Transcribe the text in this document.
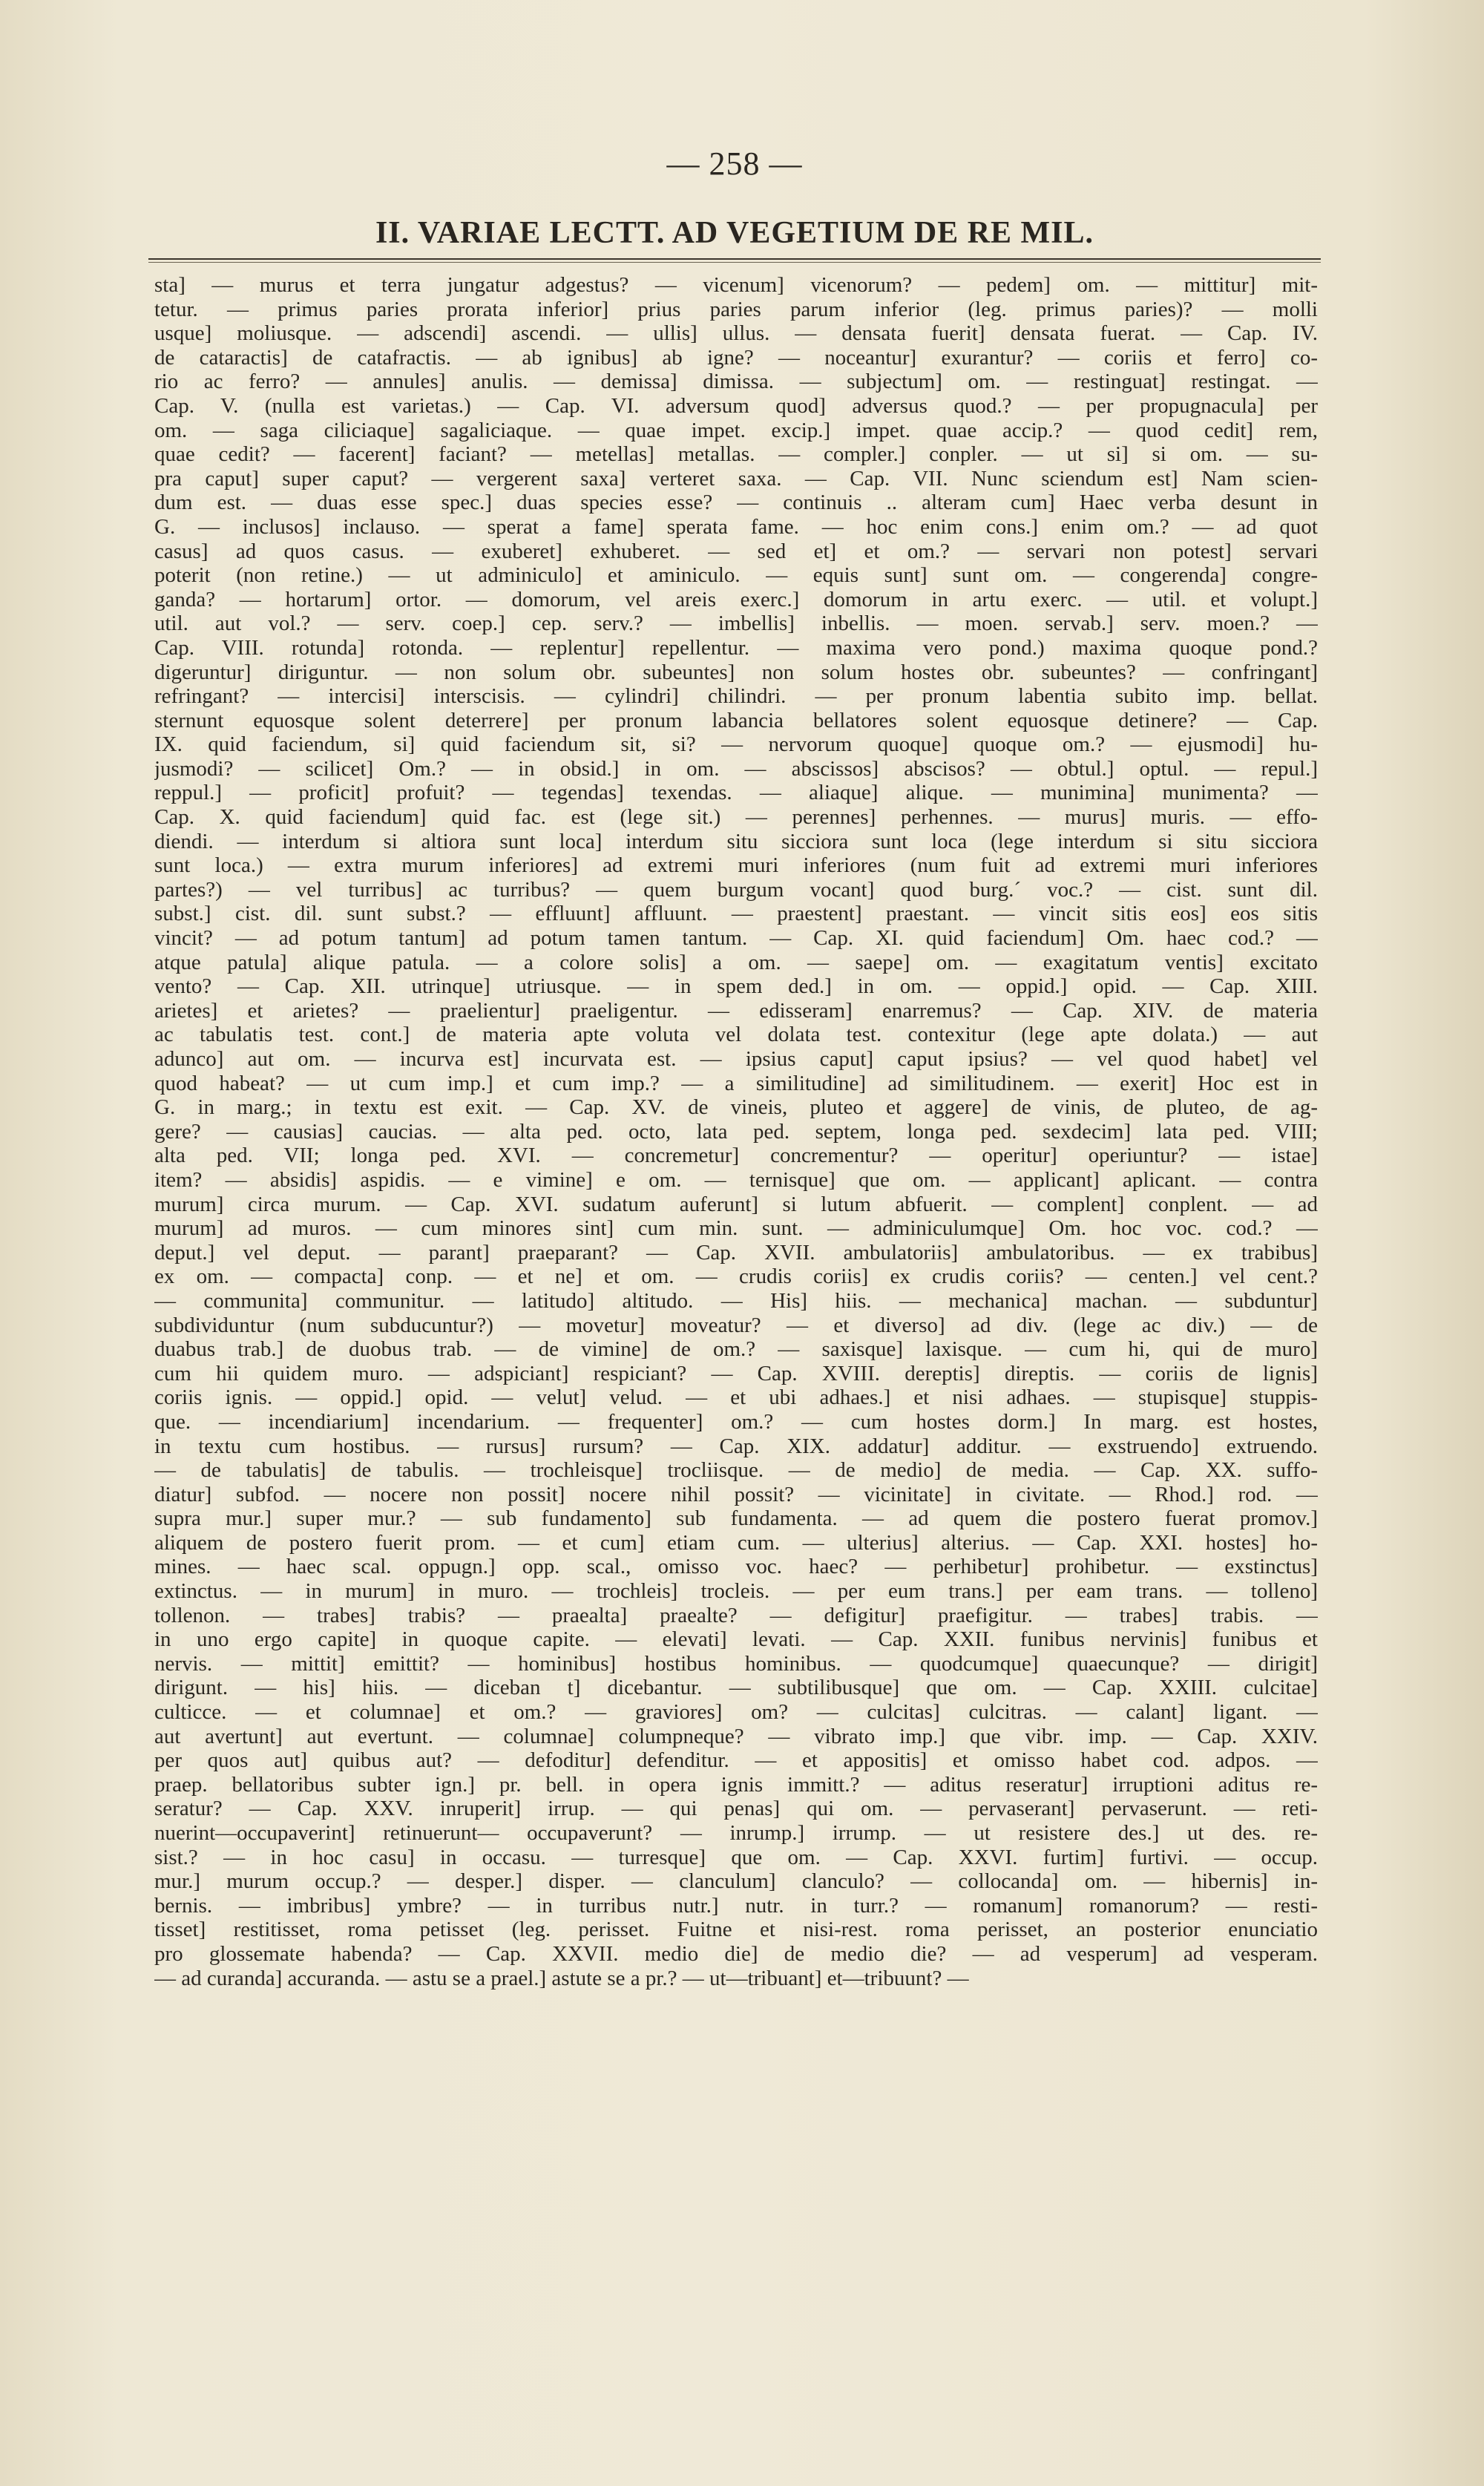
— 258 —
II. VARIAE LECTT. AD VEGETIUM DE RE MIL.
sta] — murus et terra jungatur adgestus? — vicenum] vicenorum? — pedem] om. — mittitur] mit-
tetur. — primus paries prorata inferior] prius paries parum inferior (leg. primus paries)? — molli
usque] moliusque. — adscendi] ascendi. — ullis] ullus. — densata fuerit] densata fuerat. — Cap. IV.
de cataractis] de catafractis. — ab ignibus] ab igne? — noceantur] exurantur? — coriis et ferro] co-
rio ac ferro? — annules] anulis. — demissa] dimissa. — subjectum] om. — restinguat] restingat. —
Cap. V. (nulla est varietas.) — Cap. VI. adversum quod] adversus quod.? — per propugnacula] per
om. — saga ciliciaque] sagaliciaque. — quae impet. excip.] impet. quae accip.? — quod cedit] rem,
quae cedit? — facerent] faciant? — metellas] metallas. — compler.] conpler. — ut si] si om. — su-
pra caput] super caput? — vergerent saxa] verteret saxa. — Cap. VII. Nunc sciendum est] Nam scien-
dum est. — duas esse spec.] duas species esse? — continuis .. alteram cum] Haec verba desunt in
G. — inclusos] inclauso. — sperat a fame] sperata fame. — hoc enim cons.] enim om.? — ad quot
casus] ad quos casus. — exuberet] exhuberet. — sed et] et om.? — servari non potest] servari
poterit (non retine.) — ut adminiculo] et aminiculo. — equis sunt] sunt om. — congerenda] congre-
ganda? — hortarum] ortor. — domorum, vel areis exerc.] domorum in artu exerc. — util. et volupt.]
util. aut vol.? — serv. coep.] cep. serv.? — imbellis] inbellis. — moen. servab.] serv. moen.? —
Cap. VIII. rotunda] rotonda. — replentur] repellentur. — maxima vero pond.) maxima quoque pond.?
digeruntur] diriguntur. — non solum obr. subeuntes] non solum hostes obr. subeuntes? — confringant]
refringant? — intercisi] interscisis. — cylindri] chilindri. — per pronum labentia subito imp. bellat.
sternunt equosque solent deterrere] per pronum labancia bellatores solent equosque detinere? — Cap.
IX. quid faciendum, si] quid faciendum sit, si? — nervorum quoque] quoque om.? — ejusmodi] hu-
jusmodi? — scilicet] Om.? — in obsid.] in om. — abscissos] abscisos? — obtul.] optul. — repul.]
reppul.] — proficit] profuit? — tegendas] texendas. — aliaque] alique. — munimina] munimenta? —
Cap. X. quid faciendum] quid fac. est (lege sit.) — perennes] perhennes. — murus] muris. — effo-
diendi. — interdum si altiora sunt loca] interdum situ sicciora sunt loca (lege interdum si situ sicciora
sunt loca.) — extra murum inferiores] ad extremi muri inferiores (num fuit ad extremi muri inferiores
partes?) — vel turribus] ac turribus? — quem burgum vocant] quod burg.´ voc.? — cist. sunt dil.
subst.] cist. dil. sunt subst.? — effluunt] affluunt. — praestent] praestant. — vincit sitis eos] eos sitis
vincit? — ad potum tantum] ad potum tamen tantum. — Cap. XI. quid faciendum] Om. haec cod.? —
atque patula] alique patula. — a colore solis] a om. — saepe] om. — exagitatum ventis] excitato
vento? — Cap. XII. utrinque] utriusque. — in spem ded.] in om. — oppid.] opid. — Cap. XIII.
arietes] et arietes? — praelientur] praeligentur. — edisseram] enarremus? — Cap. XIV. de materia
ac tabulatis test. cont.] de materia apte voluta vel dolata test. contexitur (lege apte dolata.) — aut
adunco] aut om. — incurva est] incurvata est. — ipsius caput] caput ipsius? — vel quod habet] vel
quod habeat? — ut cum imp.] et cum imp.? — a similitudine] ad similitudinem. — exerit] Hoc est in
G. in marg.; in textu est exit. — Cap. XV. de vineis, pluteo et aggere] de vinis, de pluteo, de ag-
gere? — causias] caucias. — alta ped. octo, lata ped. septem, longa ped. sexdecim] lata ped. VIII;
alta ped. VII; longa ped. XVI. — concremetur] concrementur? — operitur] operiuntur? — istae]
item? — absidis] aspidis. — e vimine] e om. — ternisque] que om. — applicant] aplicant. — contra
murum] circa murum. — Cap. XVI. sudatum auferunt] si lutum abfuerit. — complent] conplent. — ad
murum] ad muros. — cum minores sint] cum min. sunt. — adminiculumque] Om. hoc voc. cod.? —
deput.] vel deput. — parant] praeparant? — Cap. XVII. ambulatoriis] ambulatoribus. — ex trabibus]
ex om. — compacta] conp. — et ne] et om. — crudis coriis] ex crudis coriis? — centen.] vel cent.?
— communita] communitur. — latitudo] altitudo. — His] hiis. — mechanica] machan. — subduntur]
subdividuntur (num subducuntur?) — movetur] moveatur? — et diverso] ad div. (lege ac div.) — de
duabus trab.] de duobus trab. — de vimine] de om.? — saxisque] laxisque. — cum hi, qui de muro]
cum hii quidem muro. — adspiciant] respiciant? — Cap. XVIII. dereptis] direptis. — coriis de lignis]
coriis ignis. — oppid.] opid. — velut] velud. — et ubi adhaes.] et nisi adhaes. — stupisque] stuppis-
que. — incendiarium] incendarium. — frequenter] om.? — cum hostes dorm.] In marg. est hostes,
in textu cum hostibus. — rursus] rursum? — Cap. XIX. addatur] additur. — exstruendo] extruendo.
— de tabulatis] de tabulis. — trochleisque] trocliisque. — de medio] de media. — Cap. XX. suffo-
diatur] subfod. — nocere non possit] nocere nihil possit? — vicinitate] in civitate. — Rhod.] rod. —
supra mur.] super mur.? — sub fundamento] sub fundamenta. — ad quem die postero fuerat promov.]
aliquem de postero fuerit prom. — et cum] etiam cum. — ulterius] alterius. — Cap. XXI. hostes] ho-
mines. — haec scal. oppugn.] opp. scal., omisso voc. haec? — perhibetur] prohibetur. — exstinctus]
extinctus. — in murum] in muro. — trochleis] trocleis. — per eum trans.] per eam trans. — tolleno]
tollenon. — trabes] trabis? — praealta] praealte? — defigitur] praefigitur. — trabes] trabis. —
in uno ergo capite] in quoque capite. — elevati] levati. — Cap. XXII. funibus nervinis] funibus et
nervis. — mittit] emittit? — hominibus] hostibus hominibus. — quodcumque] quaecunque? — dirigit]
dirigunt. — his] hiis. — diceban t] dicebantur. — subtilibusque] que om. — Cap. XXIII. culcitae]
culticce. — et columnae] et om.? — graviores] om? — culcitas] culcitras. — calant] ligant. —
aut avertunt] aut evertunt. — columnae] columpneque? — vibrato imp.] que vibr. imp. — Cap. XXIV.
per quos aut] quibus aut? — defoditur] defenditur. — et appositis] et omisso habet cod. adpos. —
praep. bellatoribus subter ign.] pr. bell. in opera ignis immitt.? — aditus reseratur] irruptioni aditus re-
seratur? — Cap. XXV. inruperit] irrup. — qui penas] qui om. — pervaserant] pervaserunt. — reti-
nuerint—occupaverint] retinuerunt— occupaverunt? — inrump.] irrump. — ut resistere des.] ut des. re-
sist.? — in hoc casu] in occasu. — turresque] que om. — Cap. XXVI. furtim] furtivi. — occup.
mur.] murum occup.? — desper.] disper. — clanculum] clanculo? — collocanda] om. — hibernis] in-
bernis. — imbribus] ymbre? — in turribus nutr.] nutr. in turr.? — romanum] romanorum? — resti-
tisset] restitisset, roma petisset (leg. perisset. Fuitne et nisi-rest. roma perisset, an posterior enunciatio
pro glossemate habenda? — Cap. XXVII. medio die] de medio die? — ad vesperum] ad vesperam.
— ad curanda] accuranda. — astu se a prael.] astute se a pr.? — ut—tribuant] et—tribuunt? —
